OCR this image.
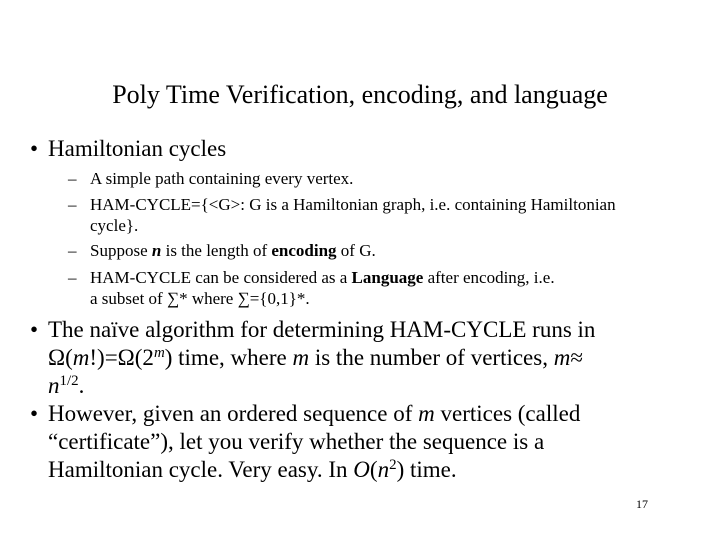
Poly Time Verification, encoding, and language
• Hamiltonian cycles
– A simple path containing every vertex.
– HAM-CYCLE={<G>: G is a Hamiltonian graph, i.e. containing Hamiltonian cycle}.
– Suppose n is the length of encoding of G.
– HAM-CYCLE can be considered as a Language after encoding, i.e.
a subset of ∑* where ∑={0,1}*.
• The naïve algorithm for determining HAM-CYCLE runs in
$\Omega(m!)=\Omega(2^m)$ time, where m is the number of vertices, m≈
$n^{1/2}$.
• However, given an ordered sequence of m vertices (called
“certificate”), let you verify whether the sequence is a
Hamiltonian cycle. Very easy. In $O(n^2)$ time.
17
